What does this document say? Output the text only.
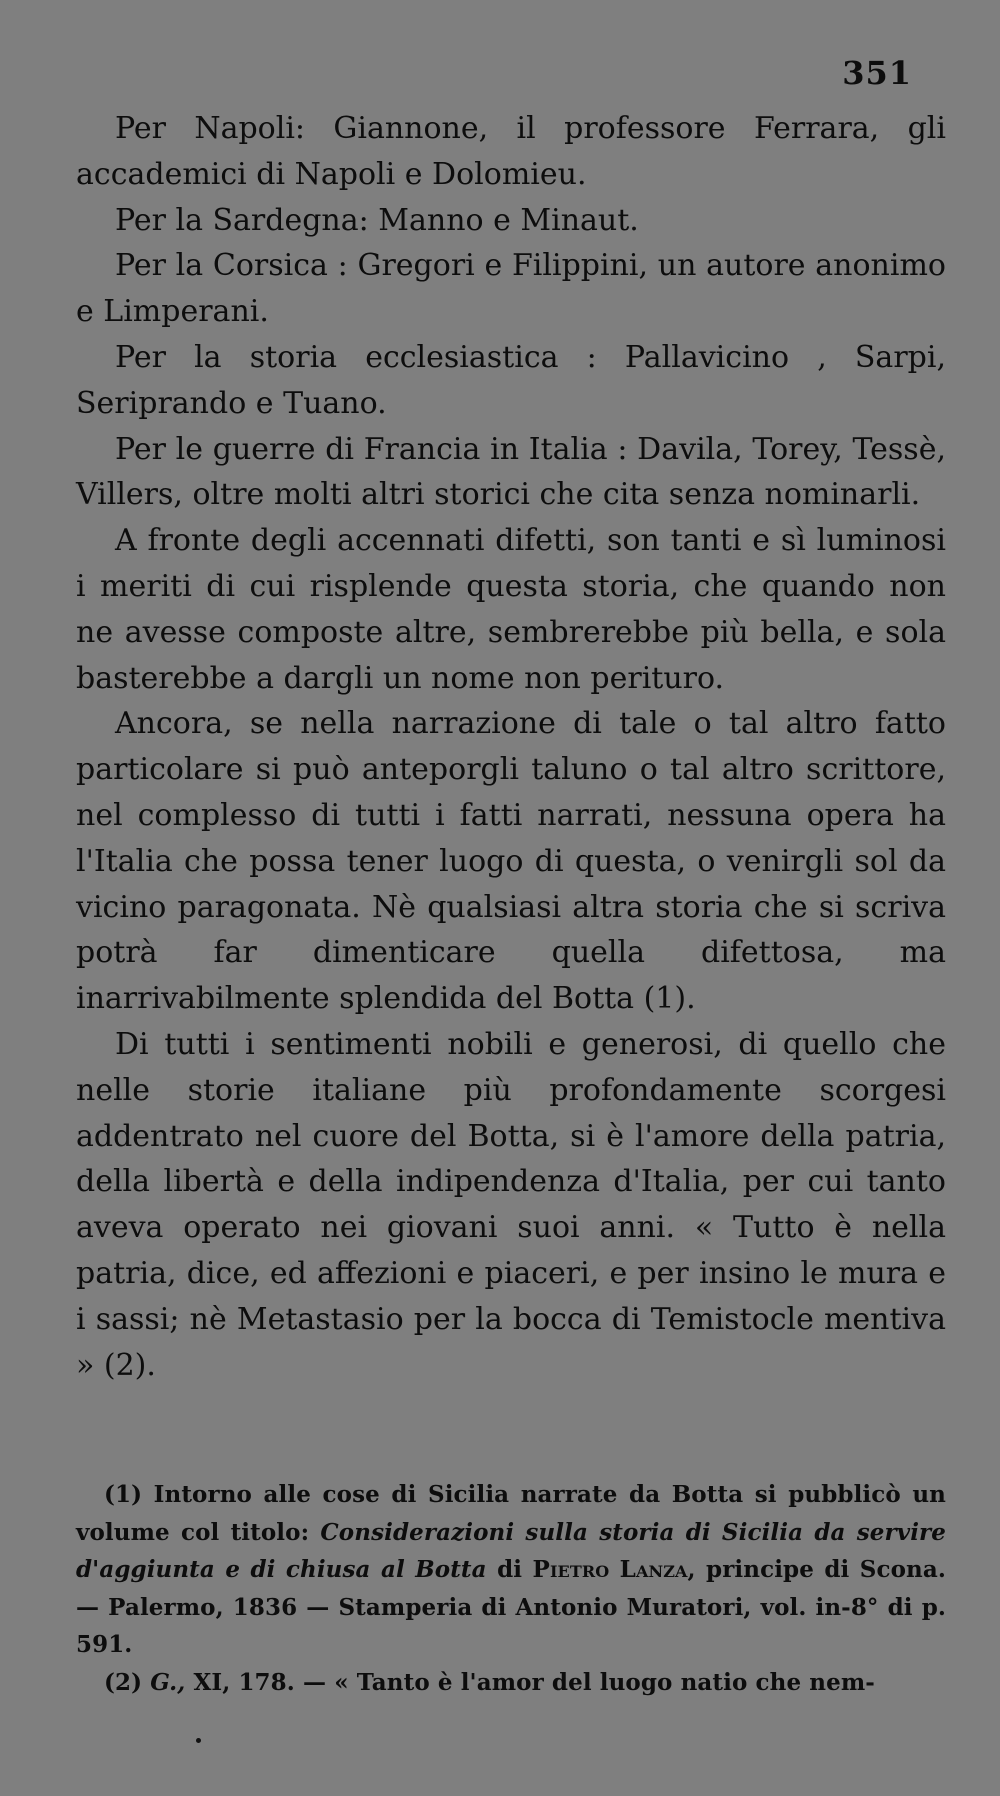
351

Per Napoli: Giannone, il professore Ferrara, gli accademici di Napoli e Dolomieu.

Per la Sardegna: Manno e Minaut.

Per la Corsica : Gregori e Filippini, un autore anonimo e Limperani.

Per la storia ecclesiastica : Pallavicino , Sarpi, Seriprando e Tuano.

Per le guerre di Francia in Italia : Davila, Torey, Tessè, Villers, oltre molti altri storici che cita senza nominarli.

A fronte degli accennati difetti, son tanti e sì luminosi i meriti di cui risplende questa storia, che quando non ne avesse composte altre, sembrerebbe più bella, e sola basterebbe a dargli un nome non perituro.

Ancora, se nella narrazione di tale o tal altro fatto particolare si può anteporgli taluno o tal altro scrittore, nel complesso di tutti i fatti narrati, nessuna opera ha l'Italia che possa tener luogo di questa, o venirgli sol da vicino paragonata. Nè qualsiasi altra storia che si scriva potrà far dimenticare quella difettosa, ma inarrivabilmente splendida del Botta (1).

Di tutti i sentimenti nobili e generosi, di quello che nelle storie italiane più profondamente scorgesi addentrato nel cuore del Botta, si è l'amore della patria, della libertà e della indipendenza d'Italia, per cui tanto aveva operato nei giovani suoi anni. « Tutto è nella patria, dice, ed affezioni e piaceri, e per insino le mura e i sassi; nè Metastasio per la bocca di Temistocle mentiva » (2).

(1) Intorno alle cose di Sicilia narrate da Botta si pubblicò un volume col titolo: Considerazioni sulla storia di Sicilia da servire d'aggiunta e di chiusa al Botta di Pietro Lanza, principe di Scona. — Palermo, 1836 — Stamperia di Antonio Muratori, vol. in-8° di p. 591.

(2) G., XI, 178. — « Tanto è l'amor del luogo natio che nem-
